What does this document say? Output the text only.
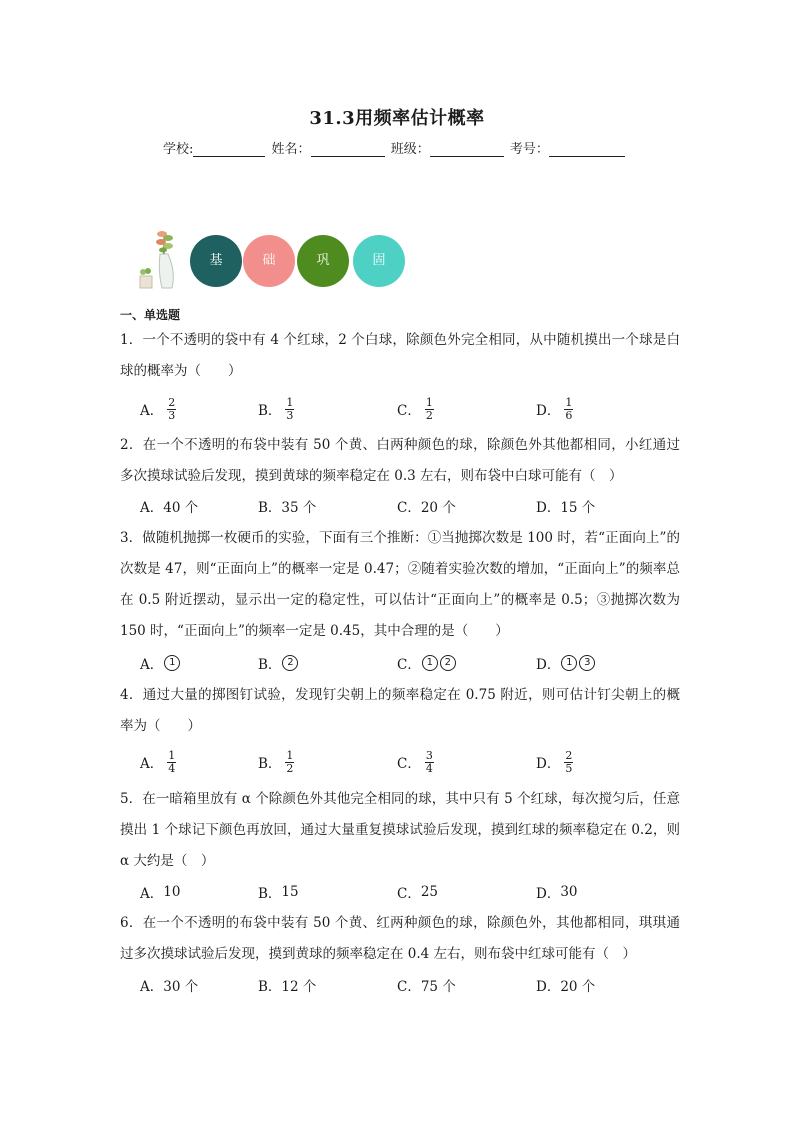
31.3用频率估计概率
学校:	姓名：	班级：	考号：
基	础	巩	固
一、单选题
1．一个不透明的袋中有 4 个红球，2 个白球，除颜色外完全相同，从中随机摸出一个球是白球的概率为（　　）
A． $\frac{2}{3}$	B． $\frac{1}{3}$	C． $\frac{1}{2}$	D． $\frac{1}{6}$
2．在一个不透明的布袋中装有 50 个黄、白两种颜色的球，除颜色外其他都相同，小红通过多次摸球试验后发现，摸到黄球的频率稳定在 0.3 左右，则布袋中白球可能有（　）
A． 40 个	B． 35 个	C． 20 个	D． 15 个
3．做随机抛掷一枚硬币的实验，下面有三个推断：①当抛掷次数是 100 时，若“正面向上”的次数是 47，则“正面向上”的概率一定是 0.47；②随着实验次数的增加，“正面向上”的频率总在 0.5 附近摆动，显示出一定的稳定性，可以估计“正面向上”的概率是 0.5；③抛掷次数为 150 时，“正面向上”的频率一定是 0.45，其中合理的是（　　）
A． 1	B． 2	C． 1	2	D． 1	3
4．通过大量的掷图钉试验，发现钉尖朝上的频率稳定在 0.75 附近，则可估计钉尖朝上的概率为（　　）
A． $\frac{1}{4}$	B． $\frac{1}{2}$	C． $\frac{3}{4}$	D． $\frac{2}{5}$
5．在一暗箱里放有 α 个除颜色外其他完全相同的球，其中只有 5 个红球，每次搅匀后，任意摸出 1 个球记下颜色再放回，通过大量重复摸球试验后发现，摸到红球的频率稳定在 0.2，则 α 大约是（　）
A． 10	B． 15	C． 25	D． 30
6．在一个不透明的布袋中装有 50 个黄、红两种颜色的球，除颜色外，其他都相同，琪琪通过多次摸球试验后发现，摸到黄球的频率稳定在 0.4 左右，则布袋中红球可能有（　）
A． 30 个	B． 12 个	C． 75 个	D． 20 个
